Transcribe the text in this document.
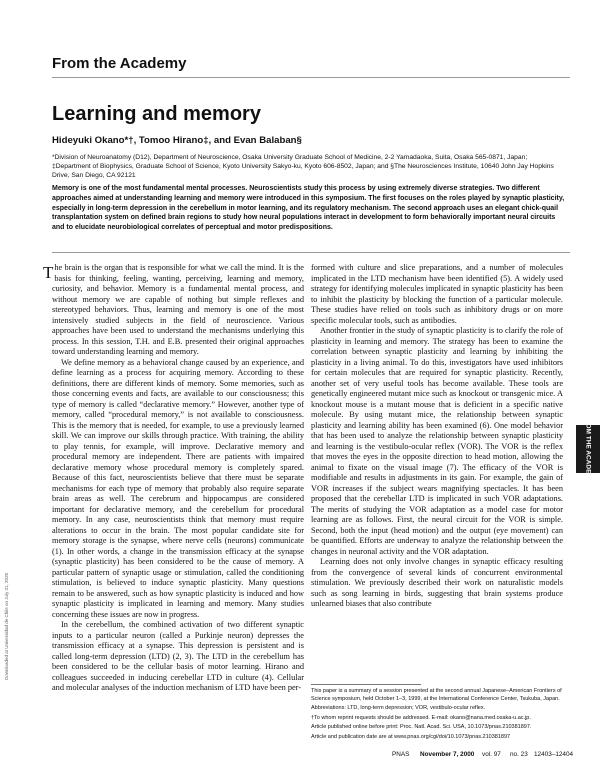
From the Academy
Learning and memory
Hideyuki Okano*†, Tomoo Hirano‡, and Evan Balaban§
*Division of Neuroanatomy (D12), Department of Neuroscience, Osaka University Graduate School of Medicine, 2-2 Yamadaoka, Suita, Osaka 565-0871, Japan; ‡Department of Biophysics, Graduate School of Science, Kyoto University Sakyo-ku, Kyoto 606-8502, Japan; and §The Neurosciences Institute, 10640 John Jay Hopkins Drive, San Diego, CA 92121

Memory is one of the most fundamental mental processes. Neuroscientists study this process by using extremely diverse strategies. Two different approaches aimed at understanding learning and memory were introduced in this symposium. The first focuses on the roles played by synaptic plasticity, especially in long-term depression in the cerebellum in motor learning, and its regulatory mechanism. The second approach uses an elegant chick-quail transplantation system on defined brain regions to study how neural populations interact in development to form behaviorally important neural circuits and to elucidate neurobiological correlates of perceptual and motor predispositions.

The brain is the organ that is responsible for what we call the mind. It is the basis for thinking, feeling, wanting, perceiving, learning and memory, curiosity, and behavior. Memory is a fundamental mental process, and without memory we are capable of nothing but simple reflexes and stereotyped behaviors. Thus, learning and memory is one of the most intensively studied subjects in the field of neuroscience. Various approaches have been used to understand the mechanisms underlying this process. In this session, T.H. and E.B. presented their original approaches toward understanding learning and memory.

We define memory as a behavioral change caused by an experience, and define learning as a process for acquiring memory. According to these definitions, there are different kinds of memory. Some memories, such as those concerning events and facts, are available to our consciousness; this type of memory is called “declarative memory.” However, another type of memory, called “procedural memory,” is not available to consciousness. This is the memory that is needed, for example, to use a previously learned skill. We can improve our skills through practice. With training, the ability to play tennis, for example, will improve. Declarative memory and procedural memory are independent. There are patients with impaired declarative memory whose procedural memory is completely spared. Because of this fact, neuroscientists believe that there must be separate mechanisms for each type of memory that probably also require separate brain areas as well. The cerebrum and hippocampus are considered important for declarative memory, and the cerebellum for procedural memory. In any case, neuroscientists think that memory must require alterations to occur in the brain. The most popular candidate site for memory storage is the synapse, where nerve cells (neurons) communicate (1). In other words, a change in the transmission efficacy at the synapse (synaptic plasticity) has been considered to be the cause of memory. A particular pattern of synaptic usage or stimulation, called the conditioning stimulation, is believed to induce synaptic plasticity. Many questions remain to be answered, such as how synaptic plasticity is induced and how synaptic plasticity is implicated in learning and memory. Many studies concerning these issues are now in progress.

In the cerebellum, the combined activation of two different synaptic inputs to a particular neuron (called a Purkinje neuron) depresses the transmission efficacy at a synapse. This depression is persistent and is called long-term depression (LTD) (2, 3). The LTD in the cerebellum has been considered to be the cellular basis of motor learning. Hirano and colleagues succeeded in inducing cerebellar LTD in culture (4). Cellular and molecular analyses of the induction mechanism of LTD have been per-

formed with culture and slice preparations, and a number of molecules implicated in the LTD mechanism have been identified (5). A widely used strategy for identifying molecules implicated in synaptic plasticity has been to inhibit the plasticity by blocking the function of a particular molecule. These studies have relied on tools such as inhibitory drugs or on more specific molecular tools, such as antibodies.

Another frontier in the study of synaptic plasticity is to clarify the role of plasticity in learning and memory. The strategy has been to examine the correlation between synaptic plasticity and learning by inhibiting the plasticity in a living animal. To do this, investigators have used inhibitors for certain molecules that are required for synaptic plasticity. Recently, another set of very useful tools has become available. These tools are genetically engineered mutant mice such as knockout or transgenic mice. A knockout mouse is a mutant mouse that is deficient in a specific native molecule. By using mutant mice, the relationship between synaptic plasticity and learning ability has been examined (6). One model behavior that has been used to analyze the relationship between synaptic plasticity and learning is the vestibulo-ocular reflex (VOR). The VOR is the reflex that moves the eyes in the opposite direction to head motion, allowing the animal to fixate on the visual image (7). The efficacy of the VOR is modifiable and results in adjustments in its gain. For example, the gain of VOR increases if the subject wears magnifying spectacles. It has been proposed that the cerebellar LTD is implicated in such VOR adaptations. The merits of studying the VOR adaptation as a model case for motor learning are as follows. First, the neural circuit for the VOR is simple. Second, both the input (head motion) and the output (eye movement) can be quantified. Efforts are underway to analyze the relationship between the changes in neuronal activity and the VOR adaptation.

Learning does not only involve changes in synaptic efficacy resulting from the convergence of several kinds of concurrent environmental stimulation. We previously described their work on naturalistic models such as song learning in birds, suggesting that brain systems produce unlearned biases that also contribute

FROM THE ACADEMY

This paper is a summary of a session presented at the second annual Japanese–American Frontiers of Science symposium, held October 1–3, 1999, at the International Conference Center, Tsukuba, Japan.

Abbreviations: LTD, long-term depression; VOR, vestibulo-ocular reflex.

†To whom reprint requests should be addressed. E-mail: okano@nana.med.osaka-u.ac.jp.

Article published online before print: Proc. Natl. Acad. Sci. USA, 10.1073/pnas.210381897.

Article and publication date are at www.pnas.org/cgi/doi/10.1073/pnas.210381897

PNAS November 7, 2000 vol. 97 no. 23 12403–12404
Downloaded at Universidad de Chile on July 31, 2020
